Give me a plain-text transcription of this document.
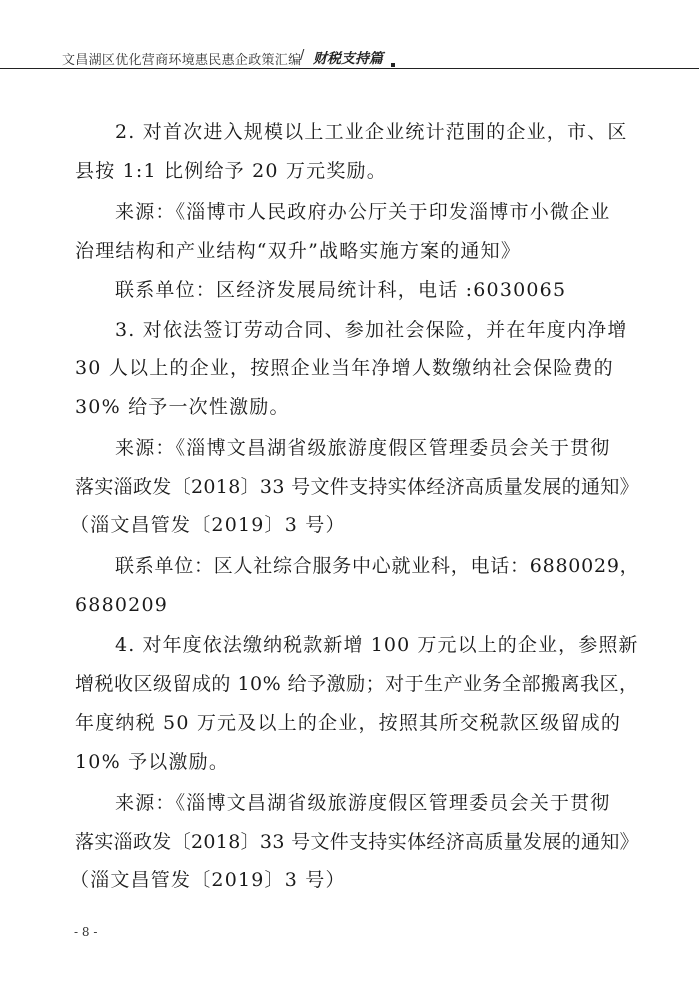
文昌湖区优化营商环境惠民惠企政策汇编
/ 财税支持篇
2. 对首次进入规模以上工业企业统计范围的企业，市、区
县按 1:1 比例给予 20 万元奖励。
来源：《淄博市人民政府办公厅关于印发淄博市小微企业
治理结构和产业结构“双升”战略实施方案的通知》
联系单位：区经济发展局统计科，电话 :6030065
3. 对依法签订劳动合同、参加社会保险，并在年度内净增
30 人以上的企业，按照企业当年净增人数缴纳社会保险费的
30% 给予一次性激励。
来源：《淄博文昌湖省级旅游度假区管理委员会关于贯彻
落实淄政发〔2018〕33 号文件支持实体经济高质量发展的通知》
（淄文昌管发〔2019〕3 号）
联系单位：区人社综合服务中心就业科，电话：6880029，
6880209
4. 对年度依法缴纳税款新增 100 万元以上的企业，参照新
增税收区级留成的 10% 给予激励；对于生产业务全部搬离我区，
年度纳税 50 万元及以上的企业，按照其所交税款区级留成的
10% 予以激励。
来源：《淄博文昌湖省级旅游度假区管理委员会关于贯彻
落实淄政发〔2018〕33 号文件支持实体经济高质量发展的通知》
（淄文昌管发〔2019〕3 号）
- 8 -
